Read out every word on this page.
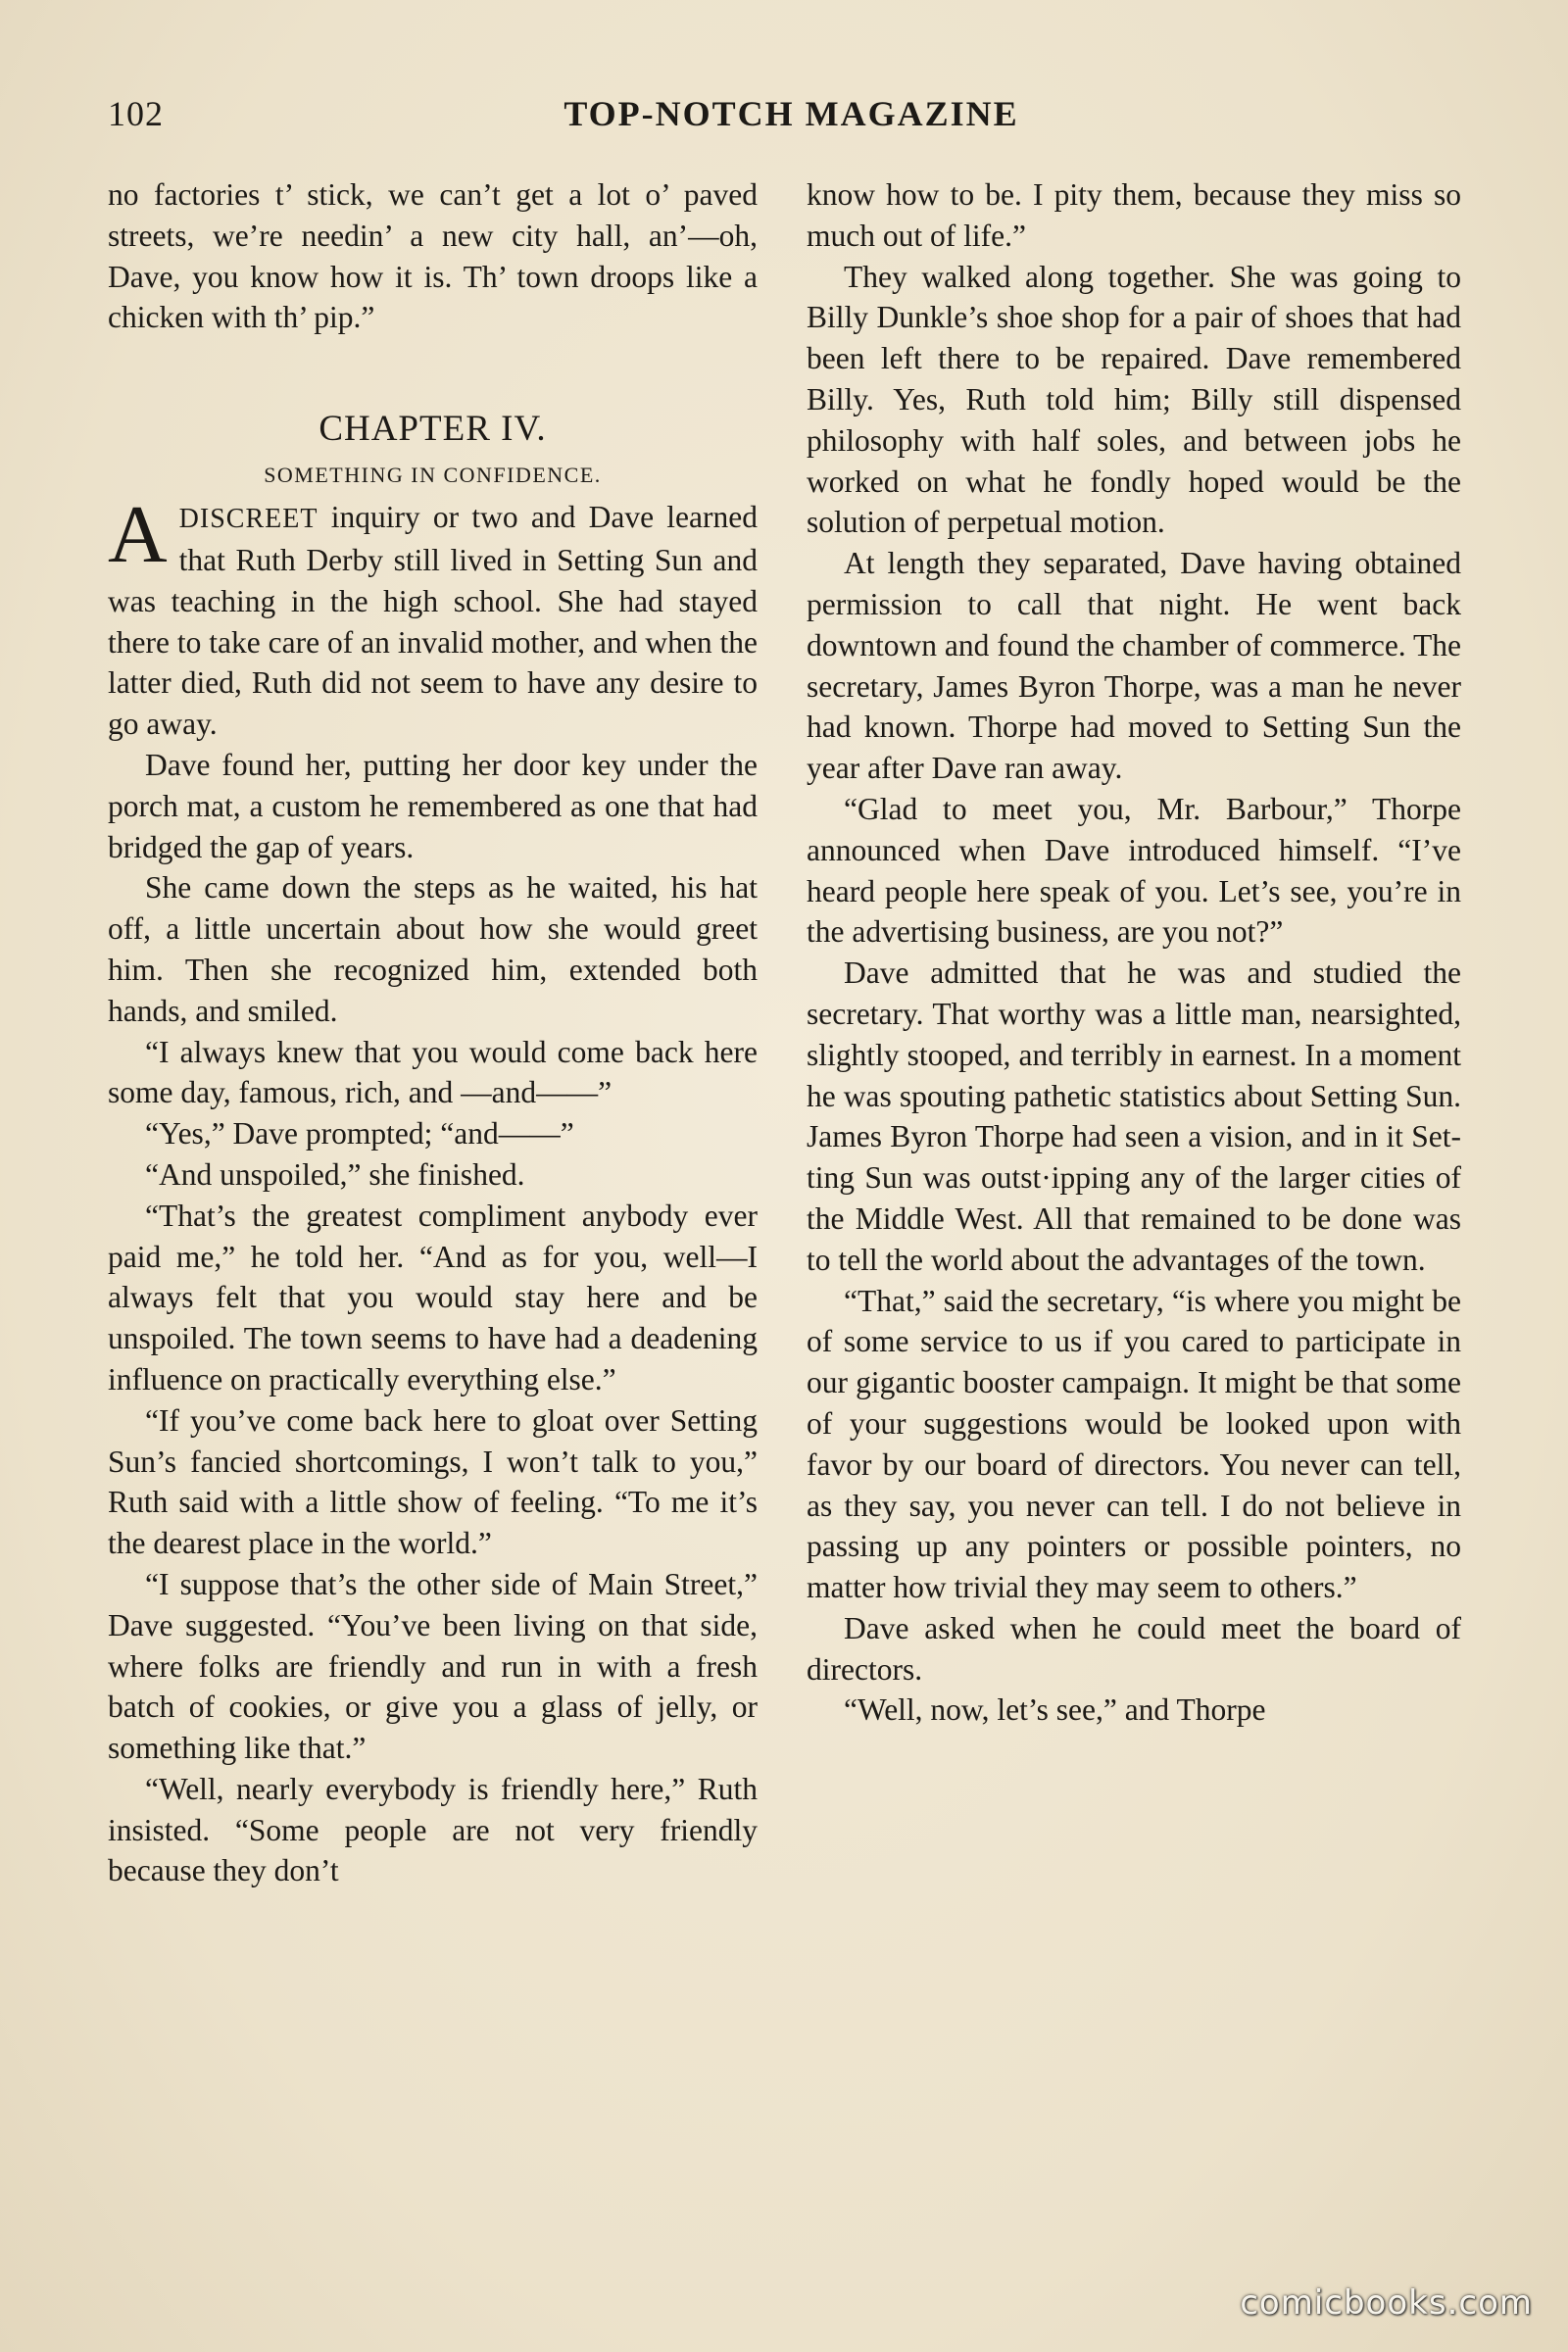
102	TOP-NOTCH MAGAZINE

no factories t’ stick, we can’t get a lot o’ paved streets, we’re needin’ a new city hall, an’—oh, Dave, you know how it is. Th’ town droops like a chicken with th’ pip.”

CHAPTER IV.
SOMETHING IN CONFIDENCE.

ADISCREET inquiry or two and Dave learned that Ruth Derby still lived in Setting Sun and was teaching in the high school. She had stayed there to take care of an invalid mother, and when the latter died, Ruth did not seem to have any desire to go away.

Dave found her, putting her door key under the porch mat, a custom he remembered as one that had bridged the gap of years.

She came down the steps as he waited, his hat off, a little uncertain about how she would greet him. Then she recognized him, extended both hands, and smiled.

“I always knew that you would come back here some day, famous, rich, and —and——”

“Yes,” Dave prompted; “and——”

“And unspoiled,” she finished.

“That’s the greatest compliment anybody ever paid me,” he told her. “And as for you, well—I always felt that you would stay here and be unspoiled. The town seems to have had a deadening influence on practically everything else.”

“If you’ve come back here to gloat over Setting Sun’s fancied shortcomings, I won’t talk to you,” Ruth said with a little show of feeling. “To me it’s the dearest place in the world.”

“I suppose that’s the other side of Main Street,” Dave suggested. “You’ve been living on that side, where folks are friendly and run in with a fresh batch of cookies, or give you a glass of jelly, or something like that.”

“Well, nearly everybody is friendly here,” Ruth insisted. “Some people are not very friendly because they don’t

know how to be. I pity them, because they miss so much out of life.”

They walked along together. She was going to Billy Dunkle’s shoe shop for a pair of shoes that had been left there to be repaired. Dave remembered Billy. Yes, Ruth told him; Billy still dispensed philosophy with half soles, and between jobs he worked on what he fondly hoped would be the solution of perpetual motion.

At length they separated, Dave having obtained permission to call that night. He went back downtown and found the chamber of commerce. The secretary, James Byron Thorpe, was a man he never had known. Thorpe had moved to Setting Sun the year after Dave ran away.

“Glad to meet you, Mr. Barbour,” Thorpe announced when Dave introduced himself. “I’ve heard people here speak of you. Let’s see, you’re in the advertising business, are you not?”

Dave admitted that he was and studied the secretary. That worthy was a little man, nearsighted, slightly stooped, and terribly in earnest. In a moment he was spouting pathetic statistics about Setting Sun. James Byron Thorpe had seen a vision, and in it Setting Sun was outst·ipping any of the larger cities of the Middle West. All that remained to be done was to tell the world about the advantages of the town.

“That,” said the secretary, “is where you might be of some service to us if you cared to participate in our gigantic booster campaign. It might be that some of your suggestions would be looked upon with favor by our board of directors. You never can tell, as they say, you never can tell. I do not believe in passing up any pointers or possible pointers, no matter how trivial they may seem to others.”

Dave asked when he could meet the board of directors.

“Well, now, let’s see,” and Thorpe

comicbooks.com
